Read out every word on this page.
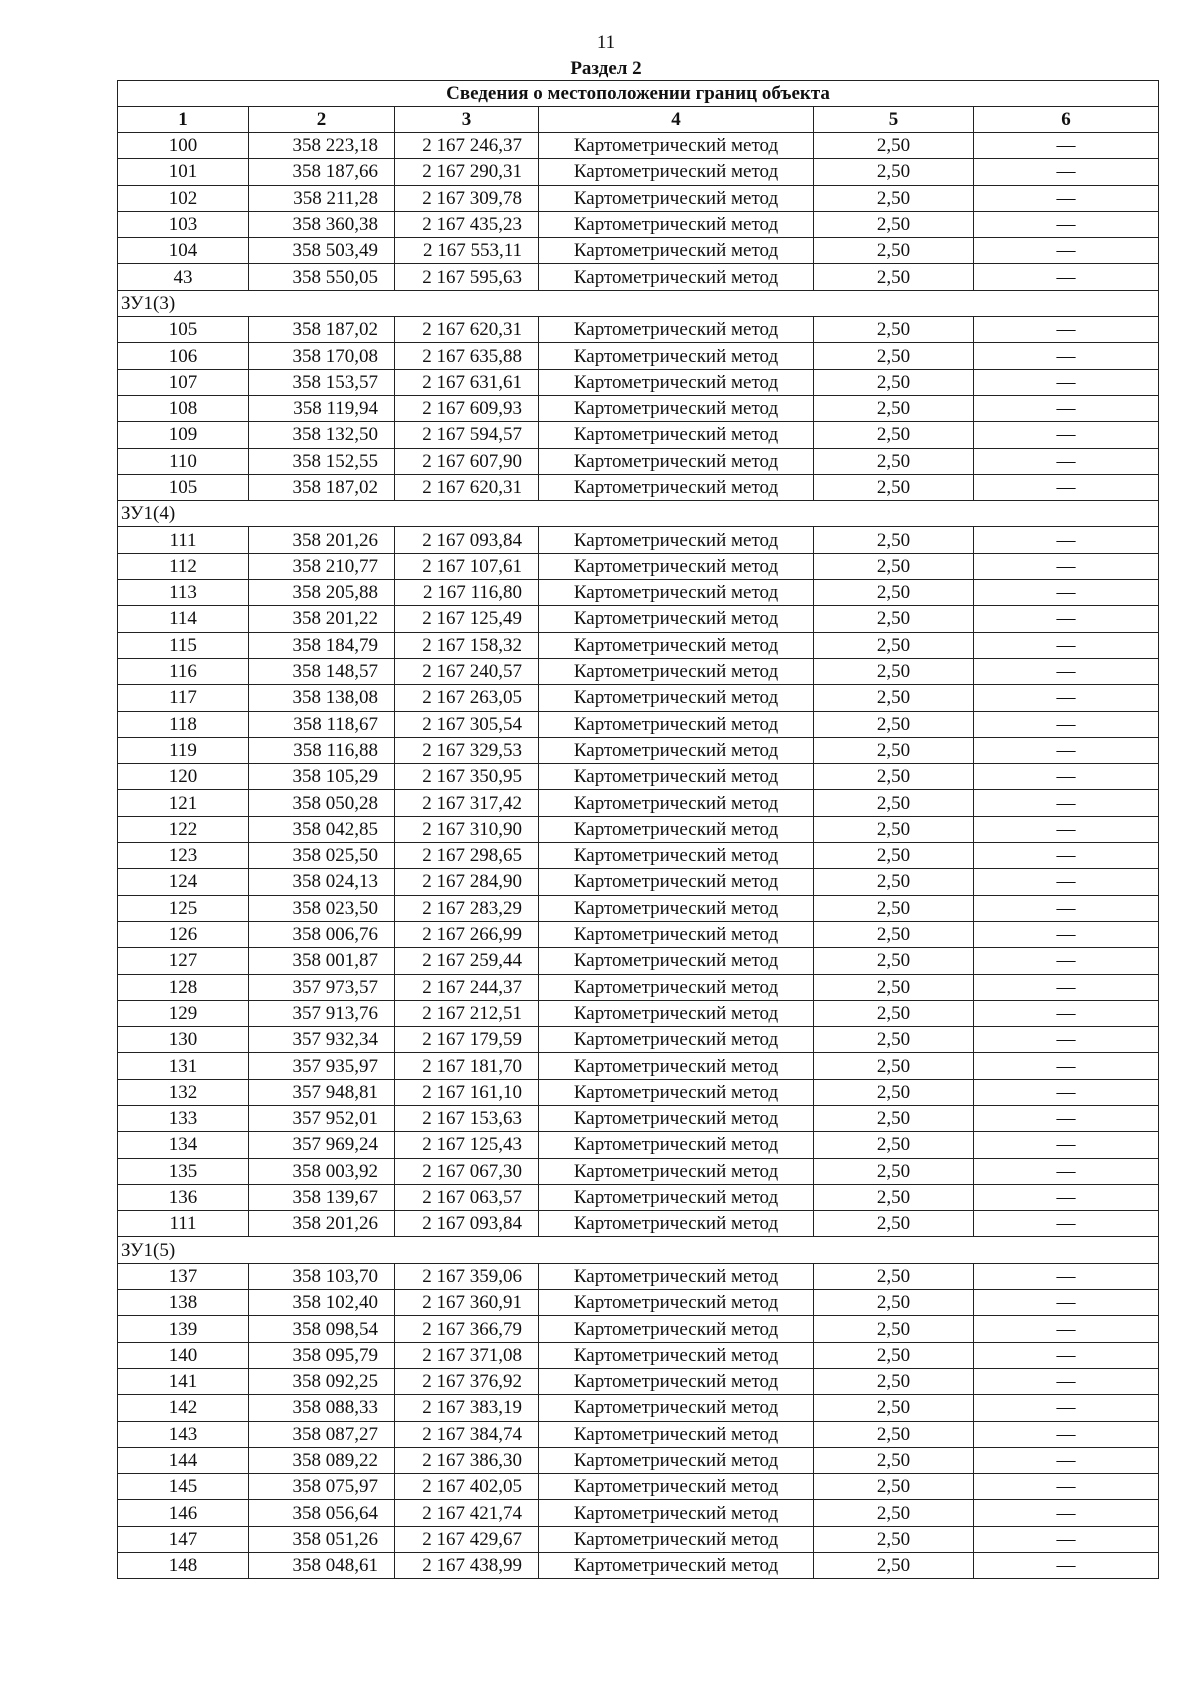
11
Раздел 2
Сведения о местоположении границ объекта					
1	2	3	4	5	6
100	358 223,18	2 167 246,37	Картометрический метод	2,50	—
101	358 187,66	2 167 290,31	Картометрический метод	2,50	—
102	358 211,28	2 167 309,78	Картометрический метод	2,50	—
103	358 360,38	2 167 435,23	Картометрический метод	2,50	—
104	358 503,49	2 167 553,11	Картометрический метод	2,50	—
43	358 550,05	2 167 595,63	Картометрический метод	2,50	—
ЗУ1(3)					
105	358 187,02	2 167 620,31	Картометрический метод	2,50	—
106	358 170,08	2 167 635,88	Картометрический метод	2,50	—
107	358 153,57	2 167 631,61	Картометрический метод	2,50	—
108	358 119,94	2 167 609,93	Картометрический метод	2,50	—
109	358 132,50	2 167 594,57	Картометрический метод	2,50	—
110	358 152,55	2 167 607,90	Картометрический метод	2,50	—
105	358 187,02	2 167 620,31	Картометрический метод	2,50	—
ЗУ1(4)					
111	358 201,26	2 167 093,84	Картометрический метод	2,50	—
112	358 210,77	2 167 107,61	Картометрический метод	2,50	—
113	358 205,88	2 167 116,80	Картометрический метод	2,50	—
114	358 201,22	2 167 125,49	Картометрический метод	2,50	—
115	358 184,79	2 167 158,32	Картометрический метод	2,50	—
116	358 148,57	2 167 240,57	Картометрический метод	2,50	—
117	358 138,08	2 167 263,05	Картометрический метод	2,50	—
118	358 118,67	2 167 305,54	Картометрический метод	2,50	—
119	358 116,88	2 167 329,53	Картометрический метод	2,50	—
120	358 105,29	2 167 350,95	Картометрический метод	2,50	—
121	358 050,28	2 167 317,42	Картометрический метод	2,50	—
122	358 042,85	2 167 310,90	Картометрический метод	2,50	—
123	358 025,50	2 167 298,65	Картометрический метод	2,50	—
124	358 024,13	2 167 284,90	Картометрический метод	2,50	—
125	358 023,50	2 167 283,29	Картометрический метод	2,50	—
126	358 006,76	2 167 266,99	Картометрический метод	2,50	—
127	358 001,87	2 167 259,44	Картометрический метод	2,50	—
128	357 973,57	2 167 244,37	Картометрический метод	2,50	—
129	357 913,76	2 167 212,51	Картометрический метод	2,50	—
130	357 932,34	2 167 179,59	Картометрический метод	2,50	—
131	357 935,97	2 167 181,70	Картометрический метод	2,50	—
132	357 948,81	2 167 161,10	Картометрический метод	2,50	—
133	357 952,01	2 167 153,63	Картометрический метод	2,50	—
134	357 969,24	2 167 125,43	Картометрический метод	2,50	—
135	358 003,92	2 167 067,30	Картометрический метод	2,50	—
136	358 139,67	2 167 063,57	Картометрический метод	2,50	—
111	358 201,26	2 167 093,84	Картометрический метод	2,50	—
ЗУ1(5)					
137	358 103,70	2 167 359,06	Картометрический метод	2,50	—
138	358 102,40	2 167 360,91	Картометрический метод	2,50	—
139	358 098,54	2 167 366,79	Картометрический метод	2,50	—
140	358 095,79	2 167 371,08	Картометрический метод	2,50	—
141	358 092,25	2 167 376,92	Картометрический метод	2,50	—
142	358 088,33	2 167 383,19	Картометрический метод	2,50	—
143	358 087,27	2 167 384,74	Картометрический метод	2,50	—
144	358 089,22	2 167 386,30	Картометрический метод	2,50	—
145	358 075,97	2 167 402,05	Картометрический метод	2,50	—
146	358 056,64	2 167 421,74	Картометрический метод	2,50	—
147	358 051,26	2 167 429,67	Картометрический метод	2,50	—
148	358 048,61	2 167 438,99	Картометрический метод	2,50	—
